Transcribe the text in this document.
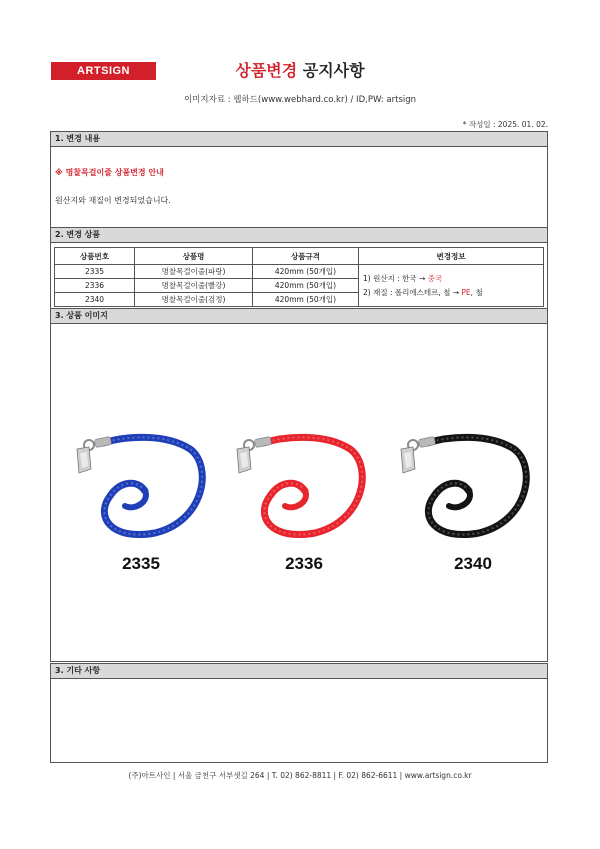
ARTSIGN	상품변경 공지사항
이미지자료 : 웹하드(www.webhard.co.kr) / ID,PW: artsign
* 작성일 : 2025. 01. 02.
1. 변경 내용
※ 명찰목걸이줄 상품변경 안내
원산지와 재질이 변경되었습니다.
2. 변경 상품
상품번호	상품명	상품규격	변경정보
2335	명찰목걸이줄(파랑)	420mm (50개입)	1) 원산지 : 한국 → 중국
2) 재질 : 폴리에스테르, 철 → PE, 철

2336	명찰목걸이줄(빨강)	420mm (50개입)	
2340	명찰목걸이줄(검정)	420mm (50개입)	
3. 상품 이미지
2335	2336	2340
3. 기타 사항
(주)아트사인 | 서울 금천구 서부샛길 264 | T. 02) 862-8811 | F. 02) 862-6611 | www.artsign.co.kr
